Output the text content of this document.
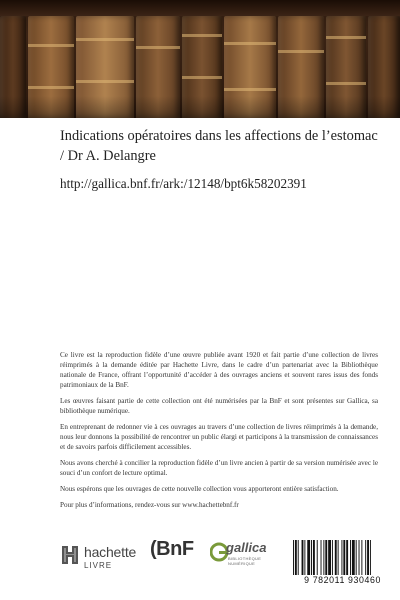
Indications opératoires dans les affections de l’estomac / Dr A. Delangre
http://gallica.bnf.fr/ark:/12148/bpt6k58202391

Ce livre est la reproduction fidèle d’une œuvre publiée avant 1920 et fait partie d’une collection de livres réimprimés à la demande éditée par Hachette Livre, dans le cadre d’un partenariat avec la Bibliothèque nationale de France, offrant l’opportunité d’accéder à des ouvrages anciens et souvent rares issus des fonds patrimoniaux de la BnF.

Les œuvres faisant partie de cette collection ont été numérisées par la BnF et sont présentes sur Gallica, sa bibliothèque numérique.

En entreprenant de redonner vie à ces ouvrages au travers d’une collection de livres réimprimés à la demande, nous leur donnons la possibilité de rencontrer un public élargi et participons à la transmission de connaissances et de savoirs parfois difficilement accessibles.

Nous avons cherché à concilier la reproduction fidèle d’un livre ancien à partir de sa version numérisée avec le souci d’un confort de lecture optimal.

Nous espérons que les ouvrages de cette nouvelle collection vous apporteront entière satisfaction.

Pour plus d’informations, rendez-vous sur www.hachettebnf.fr

hachette
LIVRE
(BnF gallica
BIBLIOTHÈQUE NUMÉRIQUE
9 782011 930460
